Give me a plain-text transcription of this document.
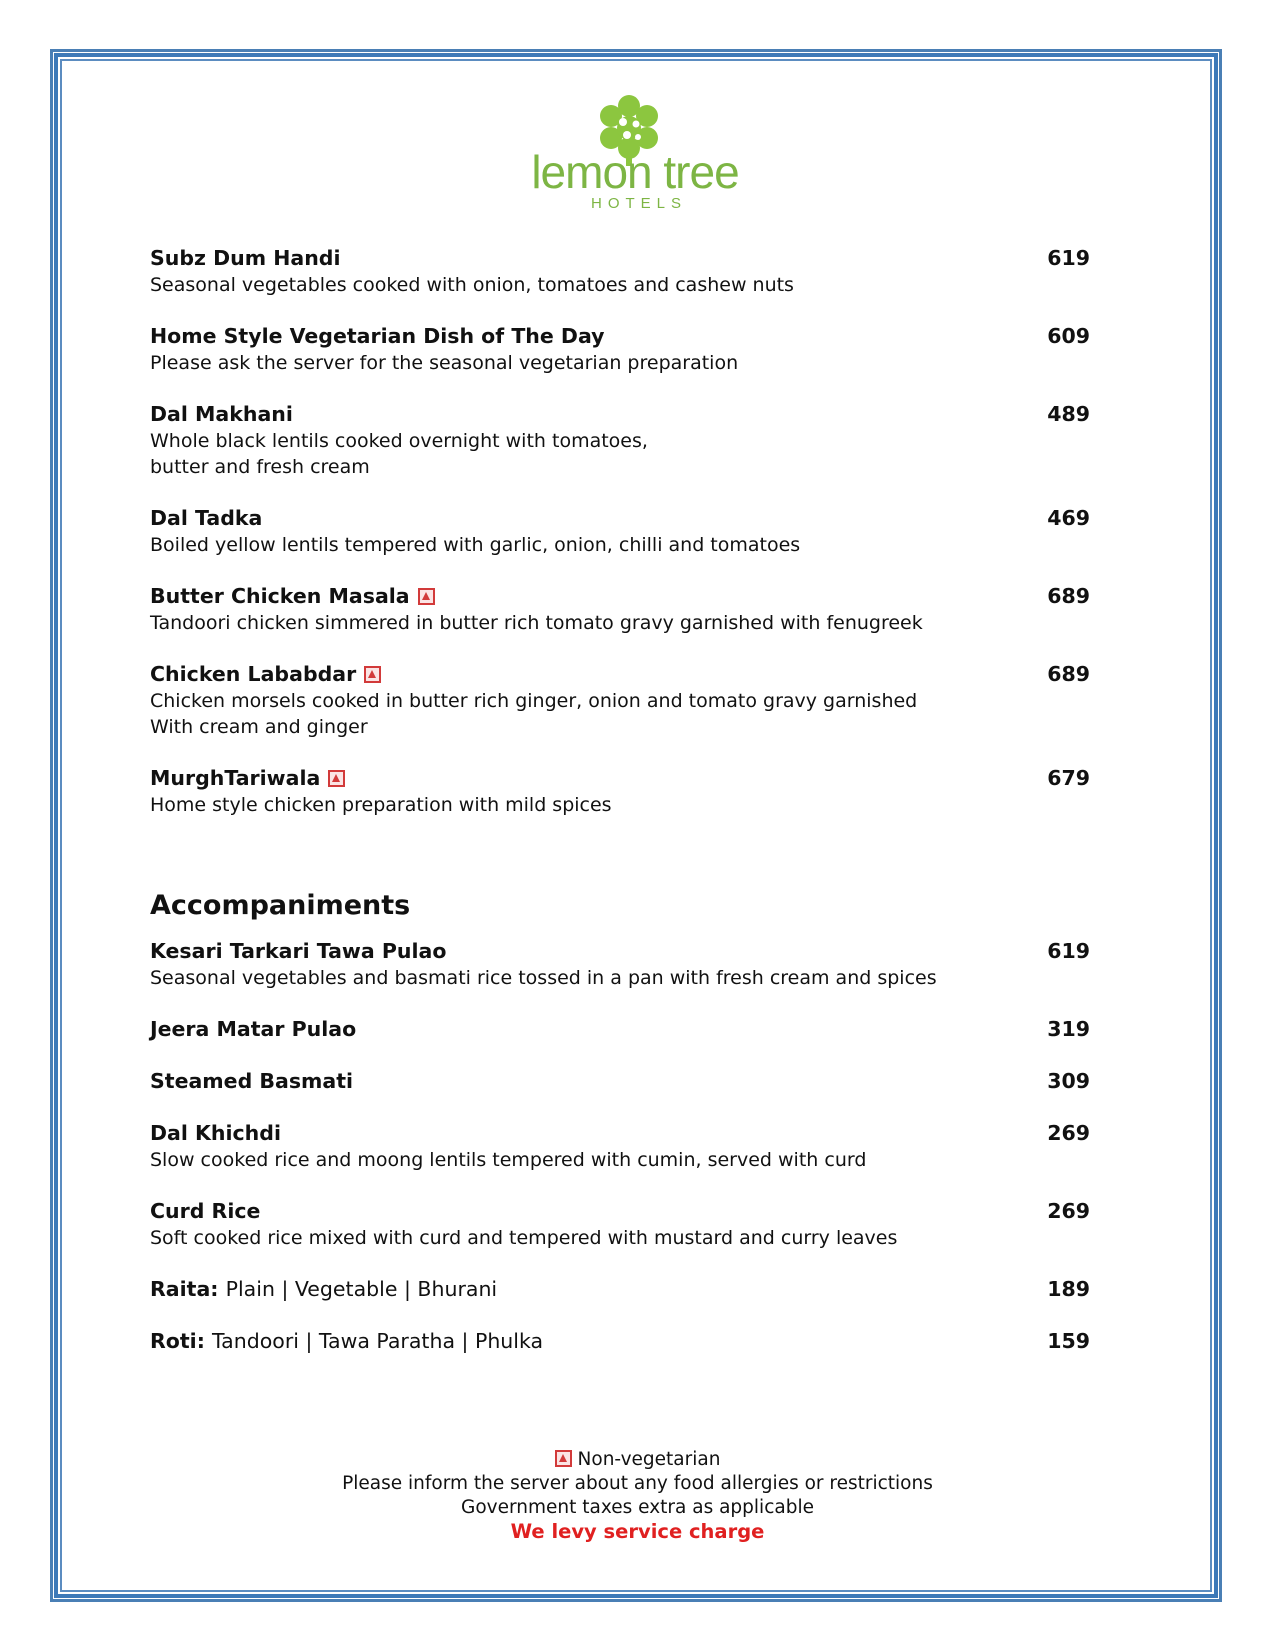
lemon tree
HOTELS
Subz Dum Handi	619
Seasonal vegetables cooked with onion, tomatoes and cashew nuts
Home Style Vegetarian Dish of The Day	609
Please ask the server for the seasonal vegetarian preparation
Dal Makhani	489
Whole black lentils cooked overnight with tomatoes,
butter and fresh cream
Dal Tadka	469
Boiled yellow lentils tempered with garlic, onion, chilli and tomatoes
Butter Chicken Masala	689
Tandoori chicken simmered in butter rich tomato gravy garnished with fenugreek
Chicken Lababdar	689
Chicken morsels cooked in butter rich ginger, onion and tomato gravy garnished
With cream and ginger
MurghTariwala	679
Home style chicken preparation with mild spices
Accompaniments
Kesari Tarkari Tawa Pulao	619
Seasonal vegetables and basmati rice tossed in a pan with fresh cream and spices
Jeera Matar Pulao	319
Steamed Basmati	309
Dal Khichdi	269
Slow cooked rice and moong lentils tempered with cumin, served with curd
Curd Rice	269
Soft cooked rice mixed with curd and tempered with mustard and curry leaves
Raita: Plain | Vegetable | Bhurani	189
Roti: Tandoori | Tawa Paratha | Phulka	159
Non-vegetarian
Please inform the server about any food allergies or restrictions
Government taxes extra as applicable
We levy service charge
